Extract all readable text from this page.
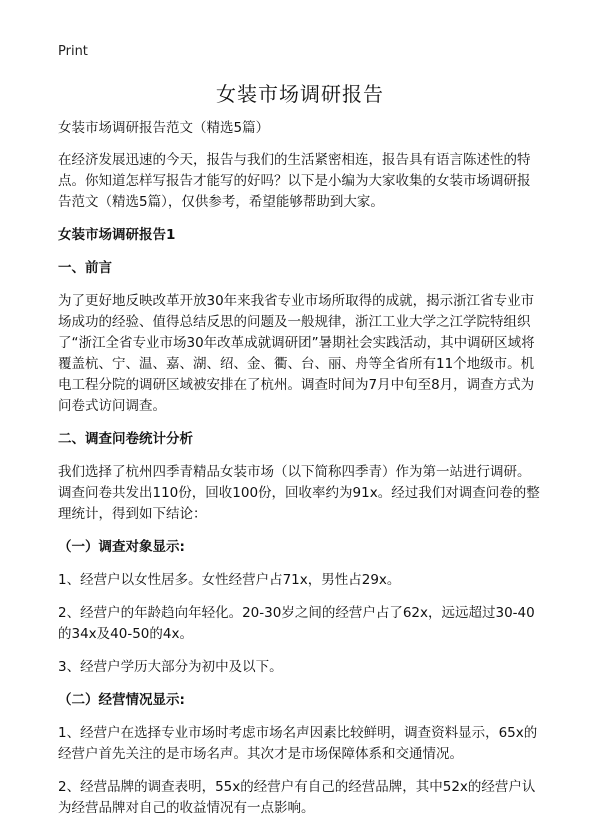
Print
女装市场调研报告

女装市场调研报告范文（精选5篇）

在经济发展迅速的今天，报告与我们的生活紧密相连，报告具有语言陈述性的特点。你知道怎样写报告才能写的好吗？以下是小编为大家收集的女装市场调研报告范文（精选5篇），仅供参考，希望能够帮助到大家。

女装市场调研报告1

一、前言

为了更好地反映改革开放30年来我省专业市场所取得的成就，揭示浙江省专业市场成功的经验、值得总结反思的问题及一般规律，浙江工业大学之江学院特组织了“浙江全省专业市场30年改革成就调研团”暑期社会实践活动，其中调研区域将覆盖杭、宁、温、嘉、湖、绍、金、衢、台、丽、舟等全省所有11个地级市。机电工程分院的调研区域被安排在了杭州。调查时间为7月中旬至8月，调查方式为问卷式访问调查。

二、调查问卷统计分析

我们选择了杭州四季青精品女装市场（以下简称四季青）作为第一站进行调研。调查问卷共发出110份，回收100份，回收率约为91x。经过我们对调查问卷的整理统计，得到如下结论：

（一）调查对象显示:

1、经营户以女性居多。女性经营户占71x，男性占29x。

2、经营户的年龄趋向年轻化。20-30岁之间的经营户占了62x，远远超过30-40的34x及40-50的4x。

3、经营户学历大部分为初中及以下。

（二）经营情况显示:

1、经营户在选择专业市场时考虑市场名声因素比较鲜明，调查资料显示，65x的经营户首先关注的是市场名声。其次才是市场保障体系和交通情况。

2、经营品牌的调查表明，55x的经营户有自己的经营品牌，其中52x的经营户认为经营品牌对自己的收益情况有一点影响。
